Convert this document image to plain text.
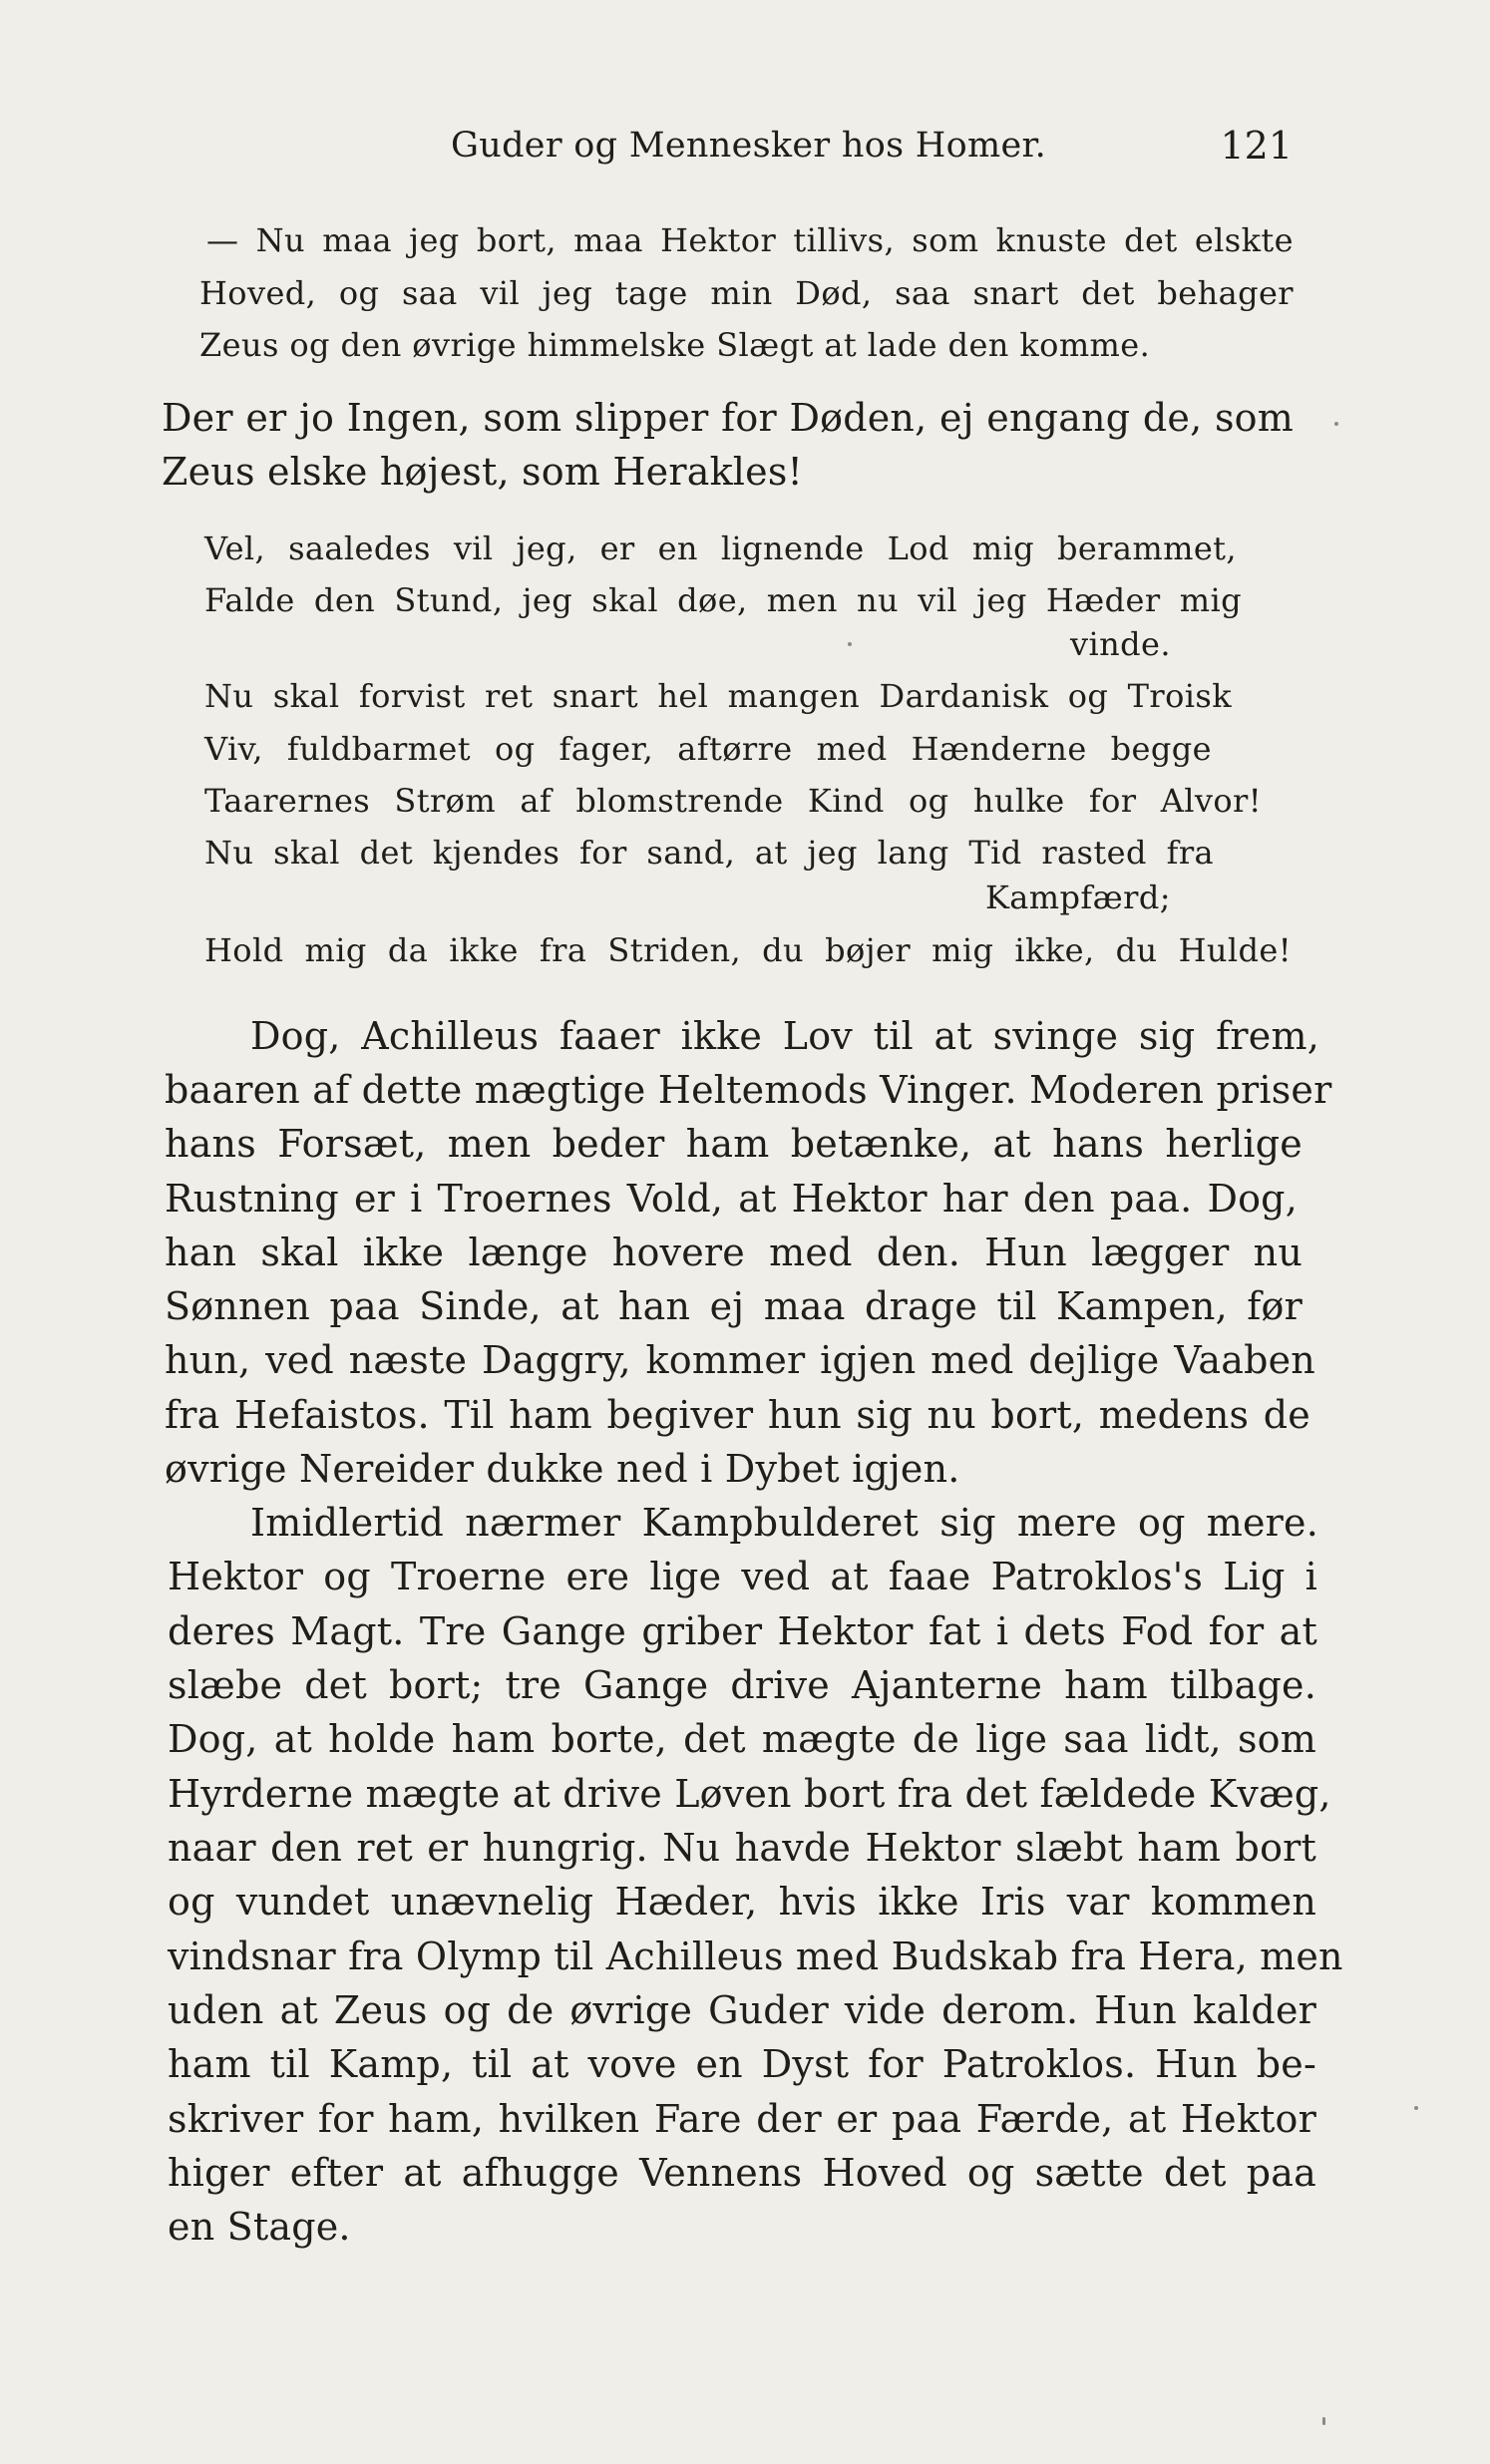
Guder og Mennesker hos Homer.	121
— Nu maa jeg bort, maa Hektor tillivs, som knuste det elskte
Hoved, og saa vil jeg tage min Død, saa snart det behager
Zeus og den øvrige himmelske Slægt at lade den komme.
Der er jo Ingen, som slipper for Døden, ej engang de, som
Zeus elske højest, som Herakles!
Vel, saaledes vil jeg, er en lignende Lod mig berammet,
Falde den Stund, jeg skal døe, men nu vil jeg Hæder mig
vinde.
Nu skal forvist ret snart hel mangen Dardanisk og Troisk
Viv, fuldbarmet og fager, aftørre med Hænderne begge
Taarernes Strøm af blomstrende Kind og hulke for Alvor!
Nu skal det kjendes for sand, at jeg lang Tid rasted fra
Kampfærd;
Hold mig da ikke fra Striden, du bøjer mig ikke, du Hulde!
Dog, Achilleus faaer ikke Lov til at svinge sig frem,
baaren af dette mægtige Heltemods Vinger. Moderen priser
hans Forsæt, men beder ham betænke, at hans herlige
Rustning er i Troernes Vold, at Hektor har den paa. Dog,
han skal ikke længe hovere med den. Hun lægger nu
Sønnen paa Sinde, at han ej maa drage til Kampen, før
hun, ved næste Daggry, kommer igjen med dejlige Vaaben
fra Hefaistos. Til ham begiver hun sig nu bort, medens de
øvrige Nereider dukke ned i Dybet igjen.
Imidlertid nærmer Kampbulderet sig mere og mere.
Hektor og Troerne ere lige ved at faae Patroklos's Lig i
deres Magt. Tre Gange griber Hektor fat i dets Fod for at
slæbe det bort; tre Gange drive Ajanterne ham tilbage.
Dog, at holde ham borte, det mægte de lige saa lidt, som
Hyrderne mægte at drive Løven bort fra det fældede Kvæg,
naar den ret er hungrig. Nu havde Hektor slæbt ham bort
og vundet unævnelig Hæder, hvis ikke Iris var kommen
vindsnar fra Olymp til Achilleus med Budskab fra Hera, men
uden at Zeus og de øvrige Guder vide derom. Hun kalder
ham til Kamp, til at vove en Dyst for Patroklos. Hun be-
skriver for ham, hvilken Fare der er paa Færde, at Hektor
higer efter at afhugge Vennens Hoved og sætte det paa
en Stage.
